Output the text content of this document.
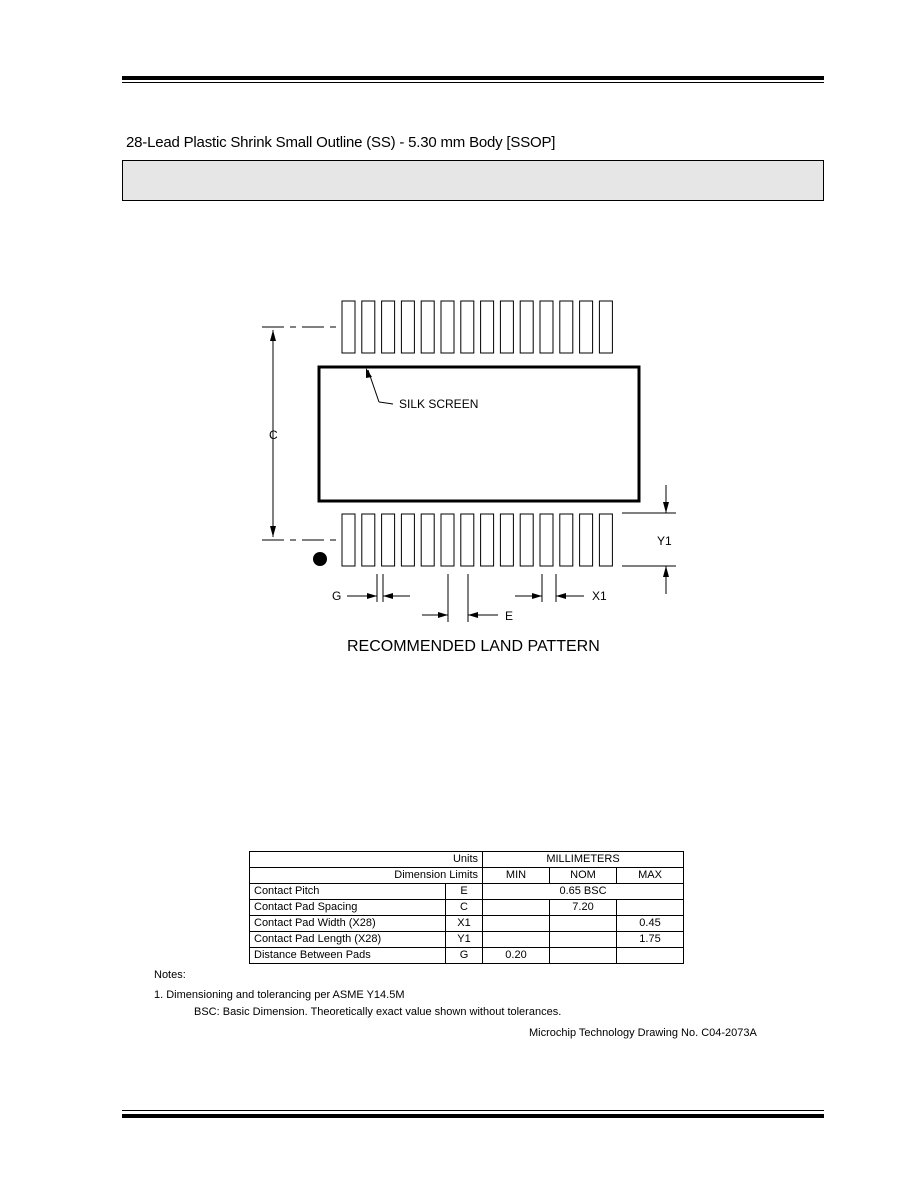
28-Lead Plastic Shrink Small Outline (SS) - 5.30 mm Body [SSOP]
C
SILK SCREEN
Y1
G
E
X1
RECOMMENDED LAND PATTERN
Units		MILLIMETERS		
Dimension Limits		MIN	NOM	MAX
Contact Pitch	E	0.65 BSC		
Contact Pad Spacing	C		7.20	
Contact Pad Width (X28)	X1			0.45
Contact Pad Length (X28)	Y1			1.75
Distance Between Pads	G	0.20		
Notes:
1. Dimensioning and tolerancing per ASME Y14.5M
BSC: Basic Dimension. Theoretically exact value shown without tolerances.
Microchip Technology Drawing No. C04-2073A
